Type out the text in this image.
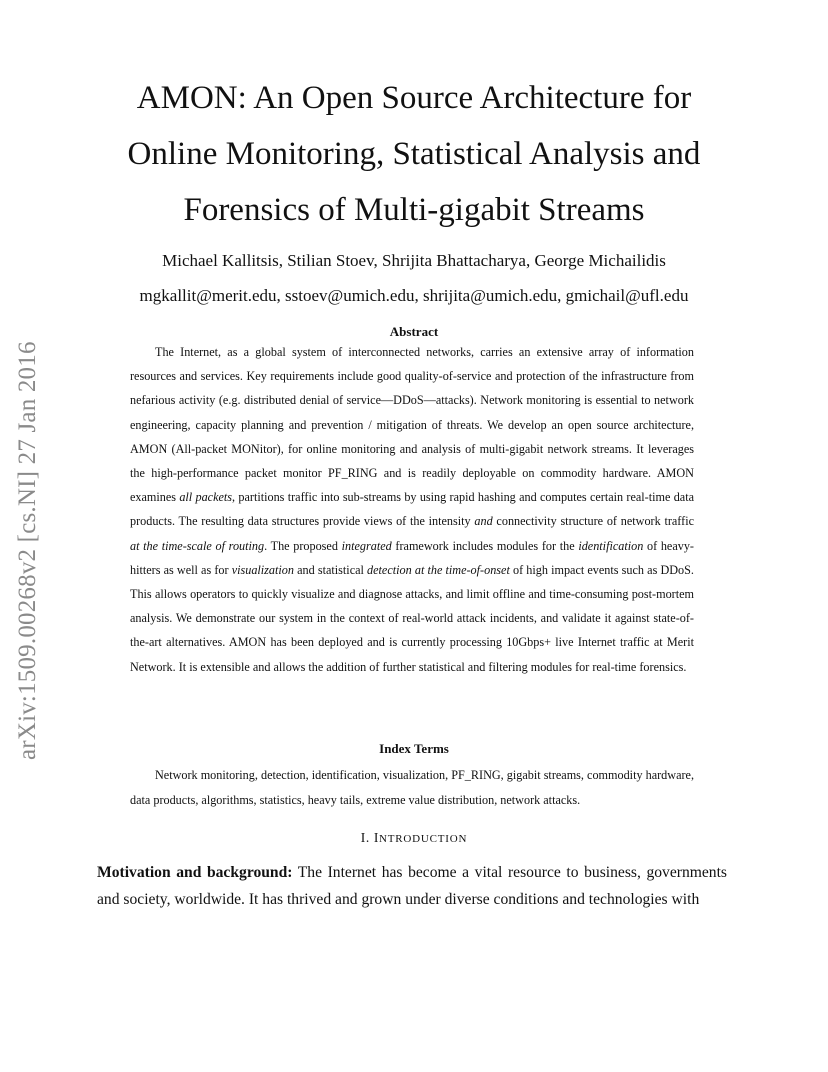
arXiv:1509.00268v2 [cs.NI] 27 Jan 2016
AMON: An Open Source Architecture for
Online Monitoring, Statistical Analysis and
Forensics of Multi-gigabit Streams
Michael Kallitsis, Stilian Stoev, Shrijita Bhattacharya, George Michailidis
mgkallit@merit.edu, sstoev@umich.edu, shrijita@umich.edu, gmichail@ufl.edu
Abstract

The Internet, as a global system of interconnected networks, carries an extensive array of information resources and services. Key requirements include good quality-of-service and protection of the infrastructure from nefarious activity (e.g. distributed denial of service—DDoS—attacks). Network monitoring is essential to network engineering, capacity planning and prevention / mitigation of threats. We develop an open source architecture, AMON (All-packet MONitor), for online monitoring and analysis of multi-gigabit network streams. It leverages the high-performance packet monitor PF_RING and is readily deployable on commodity hardware. AMON examines all packets, partitions traffic into sub-streams by using rapid hashing and computes certain real-time data products. The resulting data structures provide views of the intensity and connectivity structure of network traffic at the time-scale of routing. The proposed integrated framework includes modules for the identification of heavy-hitters as well as for visualization and statistical detection at the time-of-onset of high impact events such as DDoS. This allows operators to quickly visualize and diagnose attacks, and limit offline and time-consuming post-mortem analysis. We demonstrate our system in the context of real-world attack incidents, and validate it against state-of-the-art alternatives. AMON has been deployed and is currently processing 10Gbps+ live Internet traffic at Merit Network. It is extensible and allows the addition of further statistical and filtering modules for real-time forensics.

Index Terms

Network monitoring, detection, identification, visualization, PF_RING, gigabit streams, commodity hardware, data products, algorithms, statistics, heavy tails, extreme value distribution, network attacks.

I. INTRODUCTION

Motivation and background: The Internet has become a vital resource to business, governments and society, worldwide. It has thrived and grown under diverse conditions and technologies with
